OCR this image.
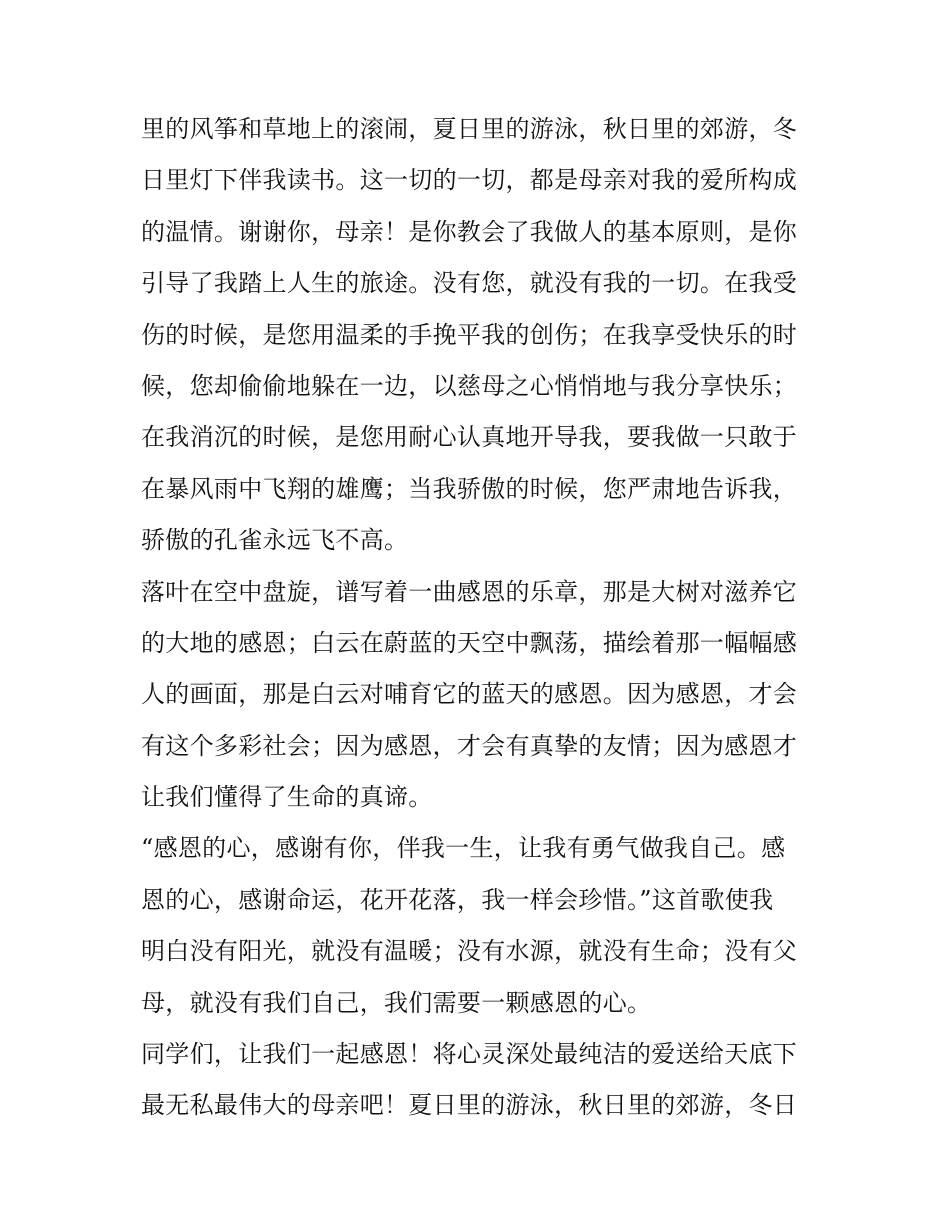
里的风筝和草地上的滚闹，夏日里的游泳，秋日里的郊游，冬
日里灯下伴我读书。这一切的一切，都是母亲对我的爱所构成
的温情。谢谢你，母亲！是你教会了我做人的基本原则，是你
引导了我踏上人生的旅途。没有您，就没有我的一切。在我受
伤的时候，是您用温柔的手挽平我的创伤；在我享受快乐的时
候，您却偷偷地躲在一边，以慈母之心悄悄地与我分享快乐；
在我消沉的时候，是您用耐心认真地开导我，要我做一只敢于
在暴风雨中飞翔的雄鹰；当我骄傲的时候，您严肃地告诉我，
骄傲的孔雀永远飞不高。
落叶在空中盘旋，谱写着一曲感恩的乐章，那是大树对滋养它
的大地的感恩；白云在蔚蓝的天空中飘荡，描绘着那一幅幅感
人的画面，那是白云对哺育它的蓝天的感恩。因为感恩，才会
有这个多彩社会；因为感恩，才会有真挚的友情；因为感恩才
让我们懂得了生命的真谛。
“感恩的心，感谢有你，伴我一生，让我有勇气做我自己。感
恩的心，感谢命运，花开花落，我一样会珍惜。”这首歌使我
明白没有阳光，就没有温暖；没有水源，就没有生命；没有父
母，就没有我们自己，我们需要一颗感恩的心。
同学们，让我们一起感恩！将心灵深处最纯洁的爱送给天底下
最无私最伟大的母亲吧！夏日里的游泳，秋日里的郊游，冬日
